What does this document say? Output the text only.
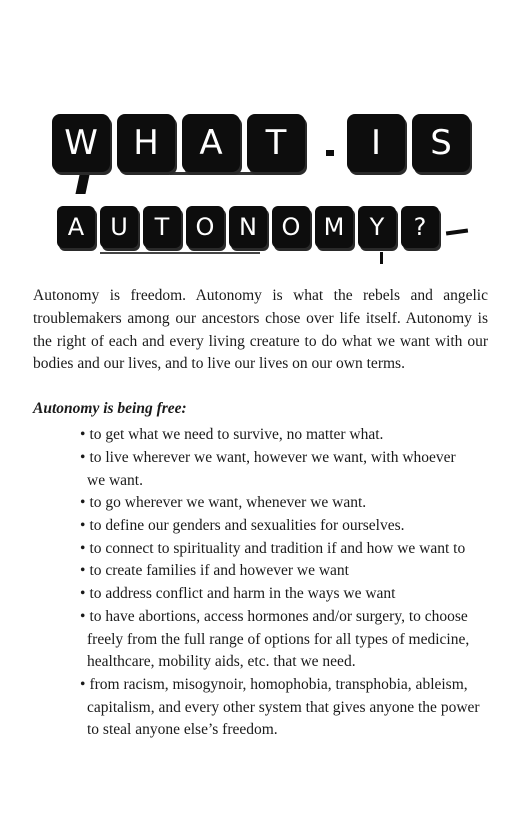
W	H	A	T	I	S
A	U	T	O	N	O M	Y	?

Autonomy is freedom. Autonomy is what the rebels and angelic troublemakers among our ancestors chose over life itself. Autonomy is the right of each and every living creature to do what we want with our bodies and our lives, and to live our lives on our own terms.

Autonomy is being free:
• to get what we need to survive, no matter what.
• to live wherever we want, however we want, with whoever
we want.
• to go wherever we want, whenever we want.
• to define our genders and sexualities for ourselves.
• to connect to spirituality and tradition if and how we want to
• to create families if and however we want
• to address conflict and harm in the ways we want
• to have abortions, access hormones and/or surgery, to choose
freely from the full range of options for all types of medicine,
healthcare, mobility aids, etc. that we need.
• from racism, misogynoir, homophobia, transphobia, ableism,
capitalism, and every other system that gives anyone the power
to steal anyone else’s freedom.
